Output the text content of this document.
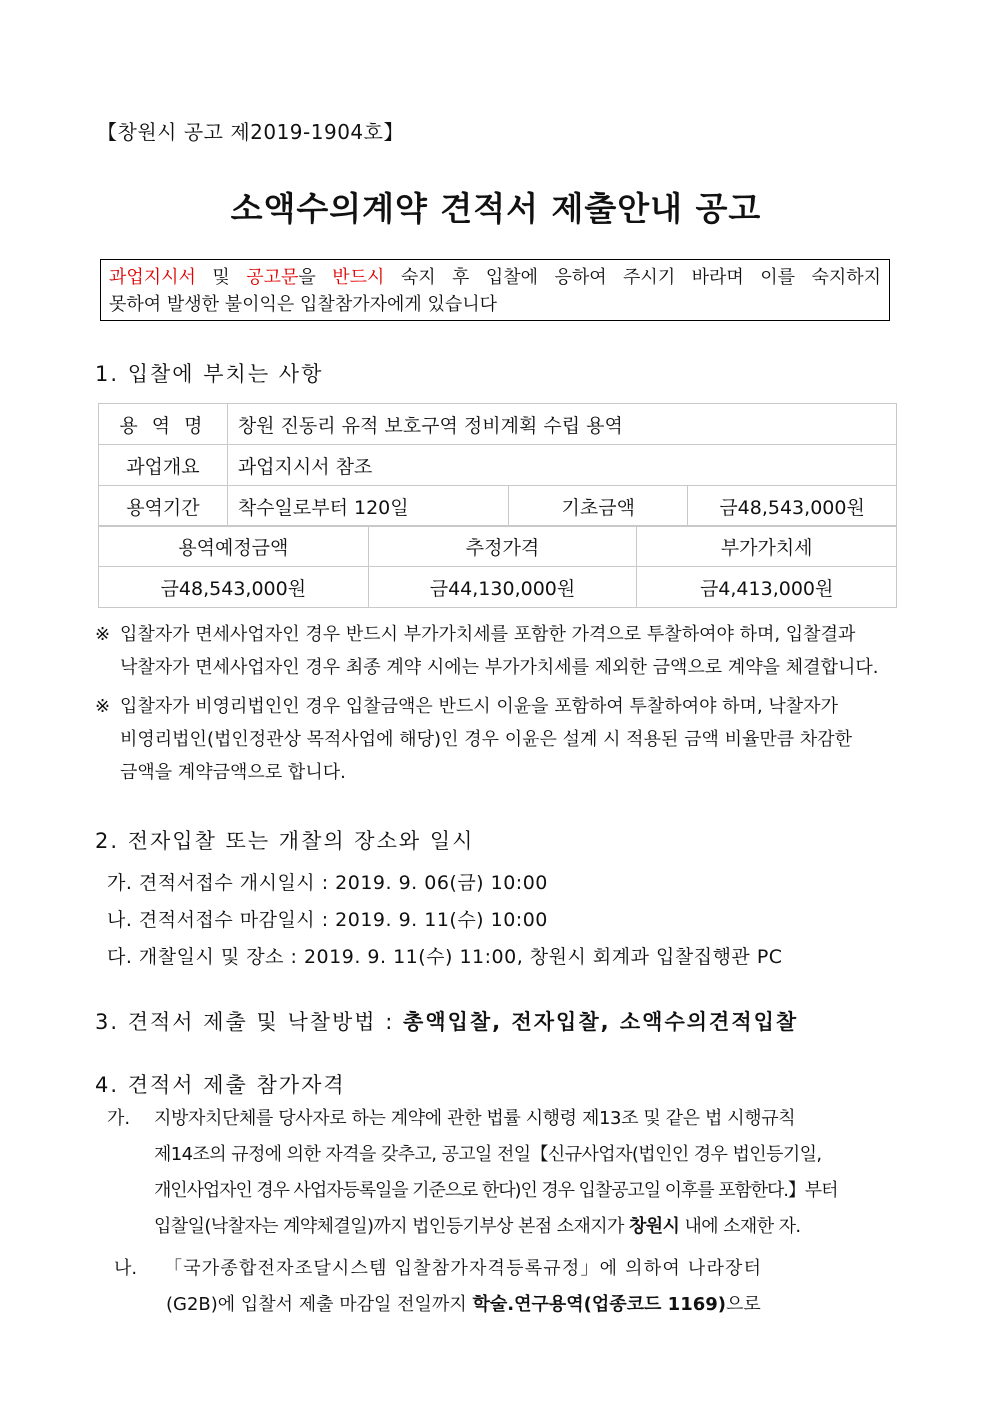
【창원시 공고 제2019-1904호】
소액수의계약 견적서 제출안내 공고
과업지시서 및 공고문을 반드시 숙지 후 입찰에 응하여 주시기 바라며 이를 숙지하지
못하여 발생한 불이익은 입찰참가자에게 있습니다
1. 입찰에 부치는 사항
용 역 명	창원 진동리 유적 보호구역 정비계획 수립 용역		
과업개요	과업지시서 참조		
용역기간	착수일로부터 120일	기초금액	금48,543,000원
용역예정금액	추정가격	부가가치세
금48,543,000원	금44,130,000원	금4,413,000원
※ 입찰자가 면세사업자인 경우 반드시 부가가치세를 포함한 가격으로 투찰하여야 하며, 입찰결과
낙찰자가 면세사업자인 경우 최종 계약 시에는 부가가치세를 제외한 금액으로 계약을 체결합니다.
※ 입찰자가 비영리법인인 경우 입찰금액은 반드시 이윤을 포함하여 투찰하여야 하며, 낙찰자가
비영리법인(법인정관상 목적사업에 해당)인 경우 이윤은 설계 시 적용된 금액 비율만큼 차감한
금액을 계약금액으로 합니다.
2. 전자입찰 또는 개찰의 장소와 일시
가. 견적서접수 개시일시 : 2019. 9. 06(금) 10:00
나. 견적서접수 마감일시 : 2019. 9. 11(수) 10:00
다. 개찰일시 및 장소 : 2019. 9. 11(수) 11:00, 창원시 회계과 입찰집행관 PC
3. 견적서 제출 및 낙찰방법 : 총액입찰, 전자입찰, 소액수의견적입찰
4. 견적서 제출 참가자격
가.	지방자치단체를 당사자로 하는 계약에 관한 법률 시행령 제13조 및 같은 법 시행규칙
제14조의 규정에 의한 자격을 갖추고, 공고일 전일【신규사업자(법인인 경우 법인등기일,
개인사업자인 경우 사업자등록일을 기준으로 한다)인 경우 입찰공고일 이후를 포함한다.】부터
입찰일(낙찰자는 계약체결일)까지 법인등기부상 본점 소재지가 창원시 내에 소재한 자.
나.	「국가종합전자조달시스템 입찰참가자격등록규정」에 의하여 나라장터
(G2B)에 입찰서 제출 마감일 전일까지 학술.연구용역(업종코드 1169)으로
